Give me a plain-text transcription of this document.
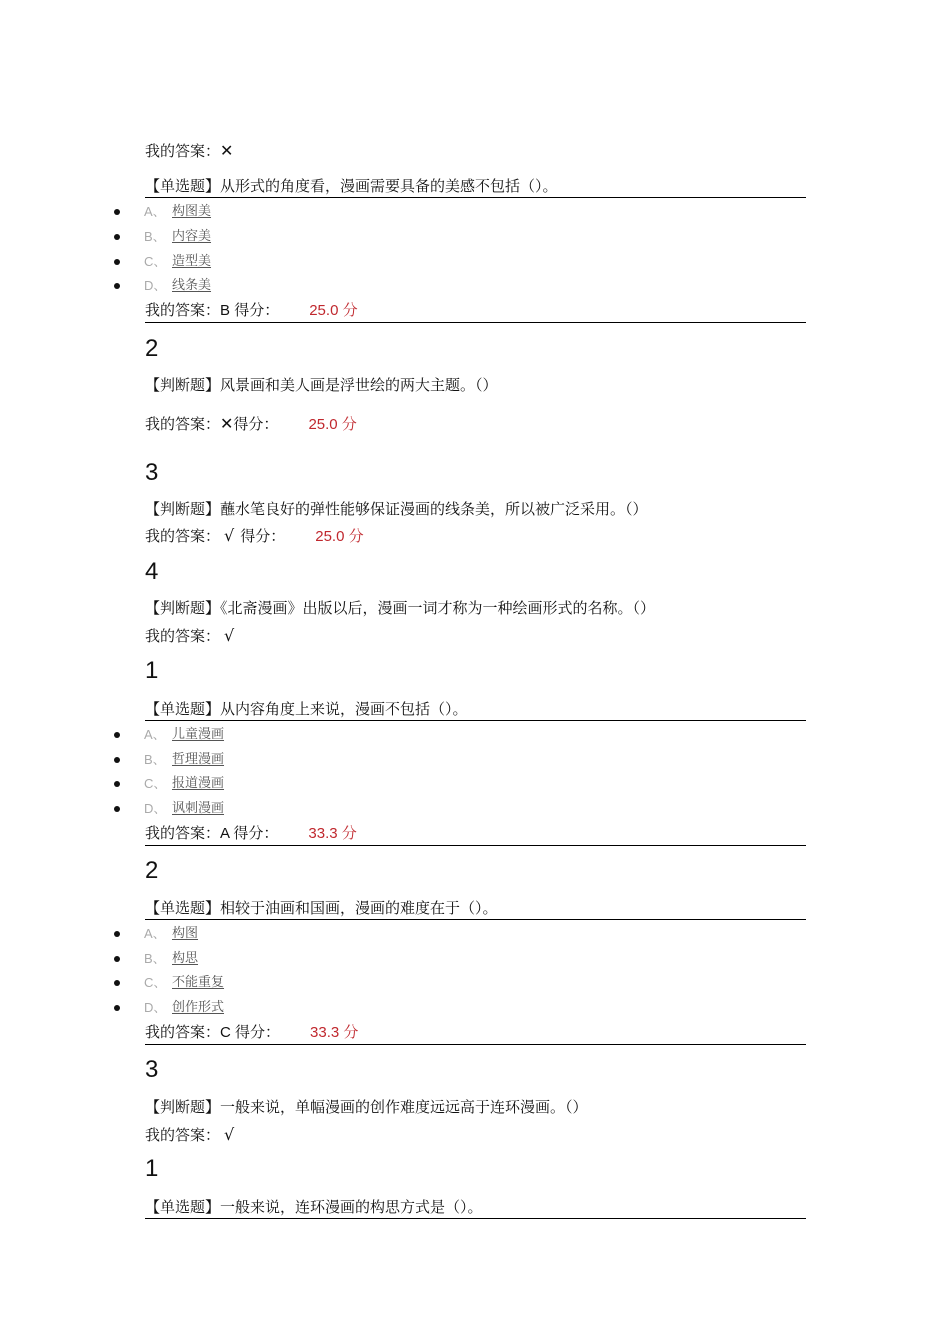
我的答案：✕
【单选题】从形式的角度看，漫画需要具备的美感不包括（）。
A、 构图美
B、 内容美
C、 造型美
D、 线条美
我的答案：B 得分： 25.0 分
2
【判断题】风景画和美人画是浮世绘的两大主题。（）
我的答案：✕得分： 25.0 分
3
【判断题】蘸水笔良好的弹性能够保证漫画的线条美，所以被广泛采用。（）
我的答案： √ 得分： 25.0 分
4
【判断题】《北斋漫画》出版以后，漫画一词才称为一种绘画形式的名称。（）
我的答案： √
1
【单选题】从内容角度上来说，漫画不包括（）。
A、 儿童漫画
B、 哲理漫画
C、 报道漫画
D、 讽刺漫画
我的答案：A 得分： 33.3 分
2
【单选题】相较于油画和国画，漫画的难度在于（）。
A、 构图
B、 构思
C、 不能重复
D、 创作形式
我的答案：C 得分： 33.3 分
3
【判断题】一般来说，单幅漫画的创作难度远远高于连环漫画。（）
我的答案： √
1
【单选题】一般来说，连环漫画的构思方式是（）。
